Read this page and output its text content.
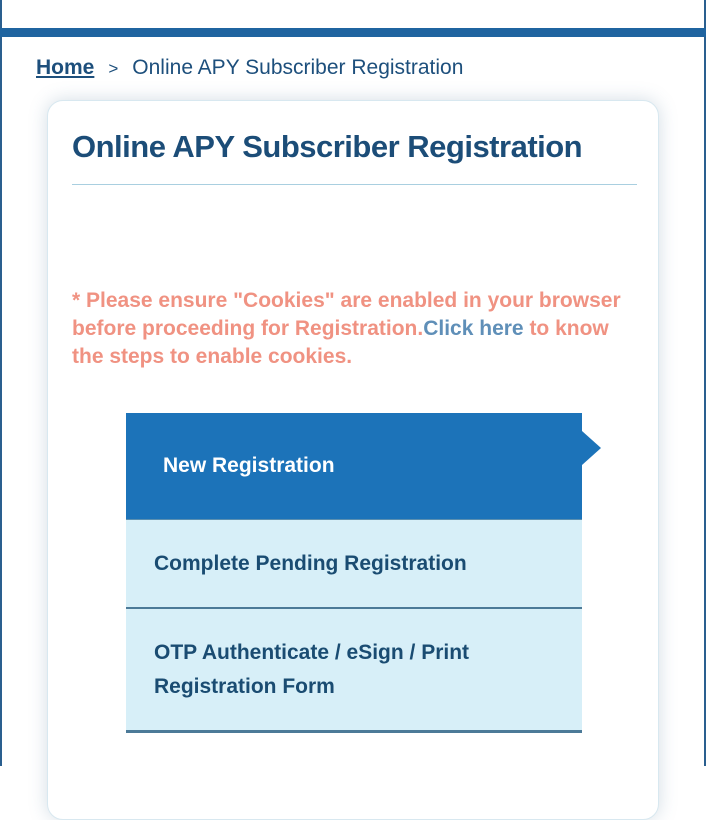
Home > Online APY Subscriber Registration
Online APY Subscriber Registration

* Please ensure "Cookies" are enabled in your browser before proceeding for Registration.Click here to know the steps to enable cookies.

New Registration
Complete Pending Registration
OTP Authenticate / eSign / Print Registration Form
